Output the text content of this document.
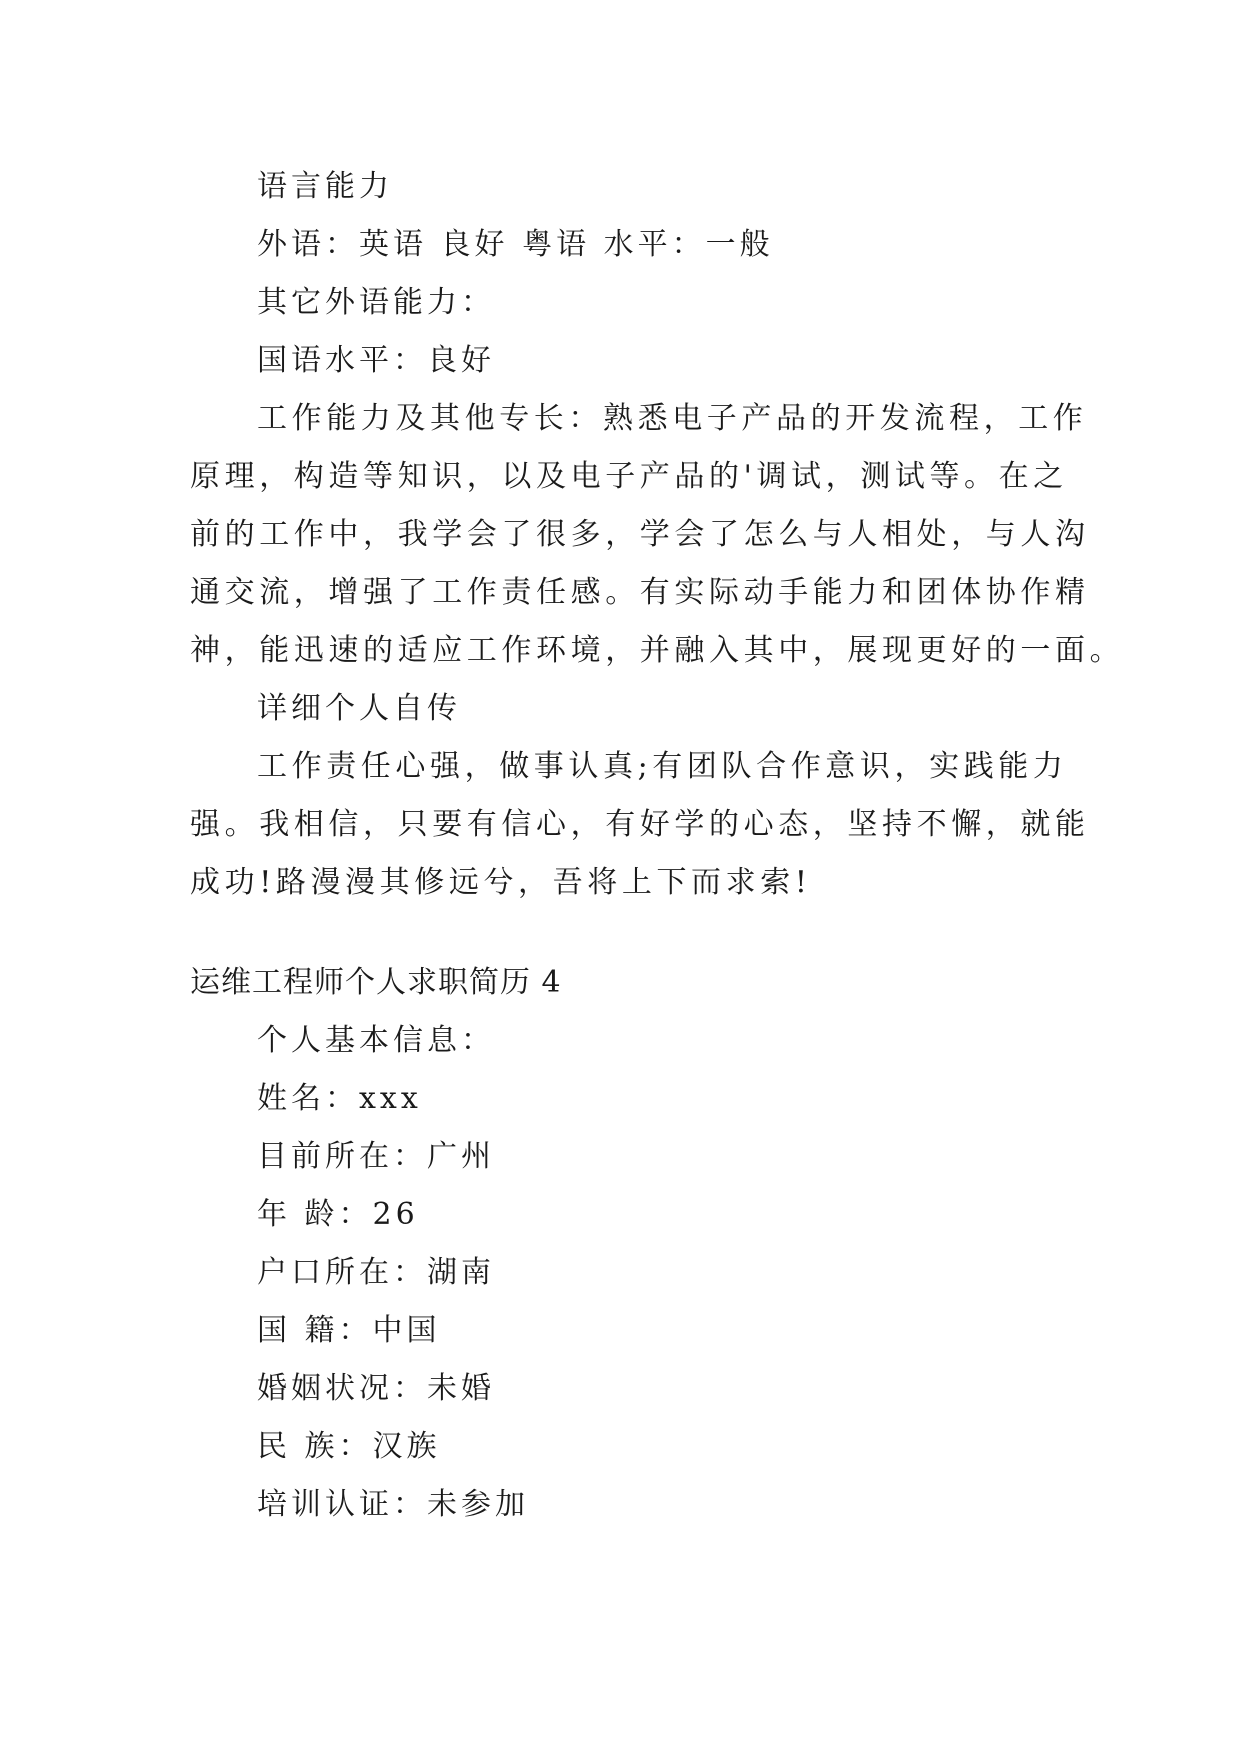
语言能力
外语：英语 良好 粤语 水平：一般
其它外语能力：
国语水平：良好
工作能力及其他专长：熟悉电子产品的开发流程，工作
原理，构造等知识，以及电子产品的'调试，测试等。在之
前的工作中，我学会了很多，学会了怎么与人相处，与人沟
通交流，增强了工作责任感。有实际动手能力和团体协作精
神，能迅速的适应工作环境，并融入其中，展现更好的一面。
详细个人自传
工作责任心强，做事认真;有团队合作意识，实践能力
强。我相信，只要有信心，有好学的心态，坚持不懈，就能
成功!路漫漫其修远兮，吾将上下而求索!
运维工程师个人求职简历 4
个人基本信息：
姓名：xxx
目前所在：广州
年 龄：26
户口所在：湖南
国 籍：中国
婚姻状况：未婚
民 族：汉族
培训认证：未参加
